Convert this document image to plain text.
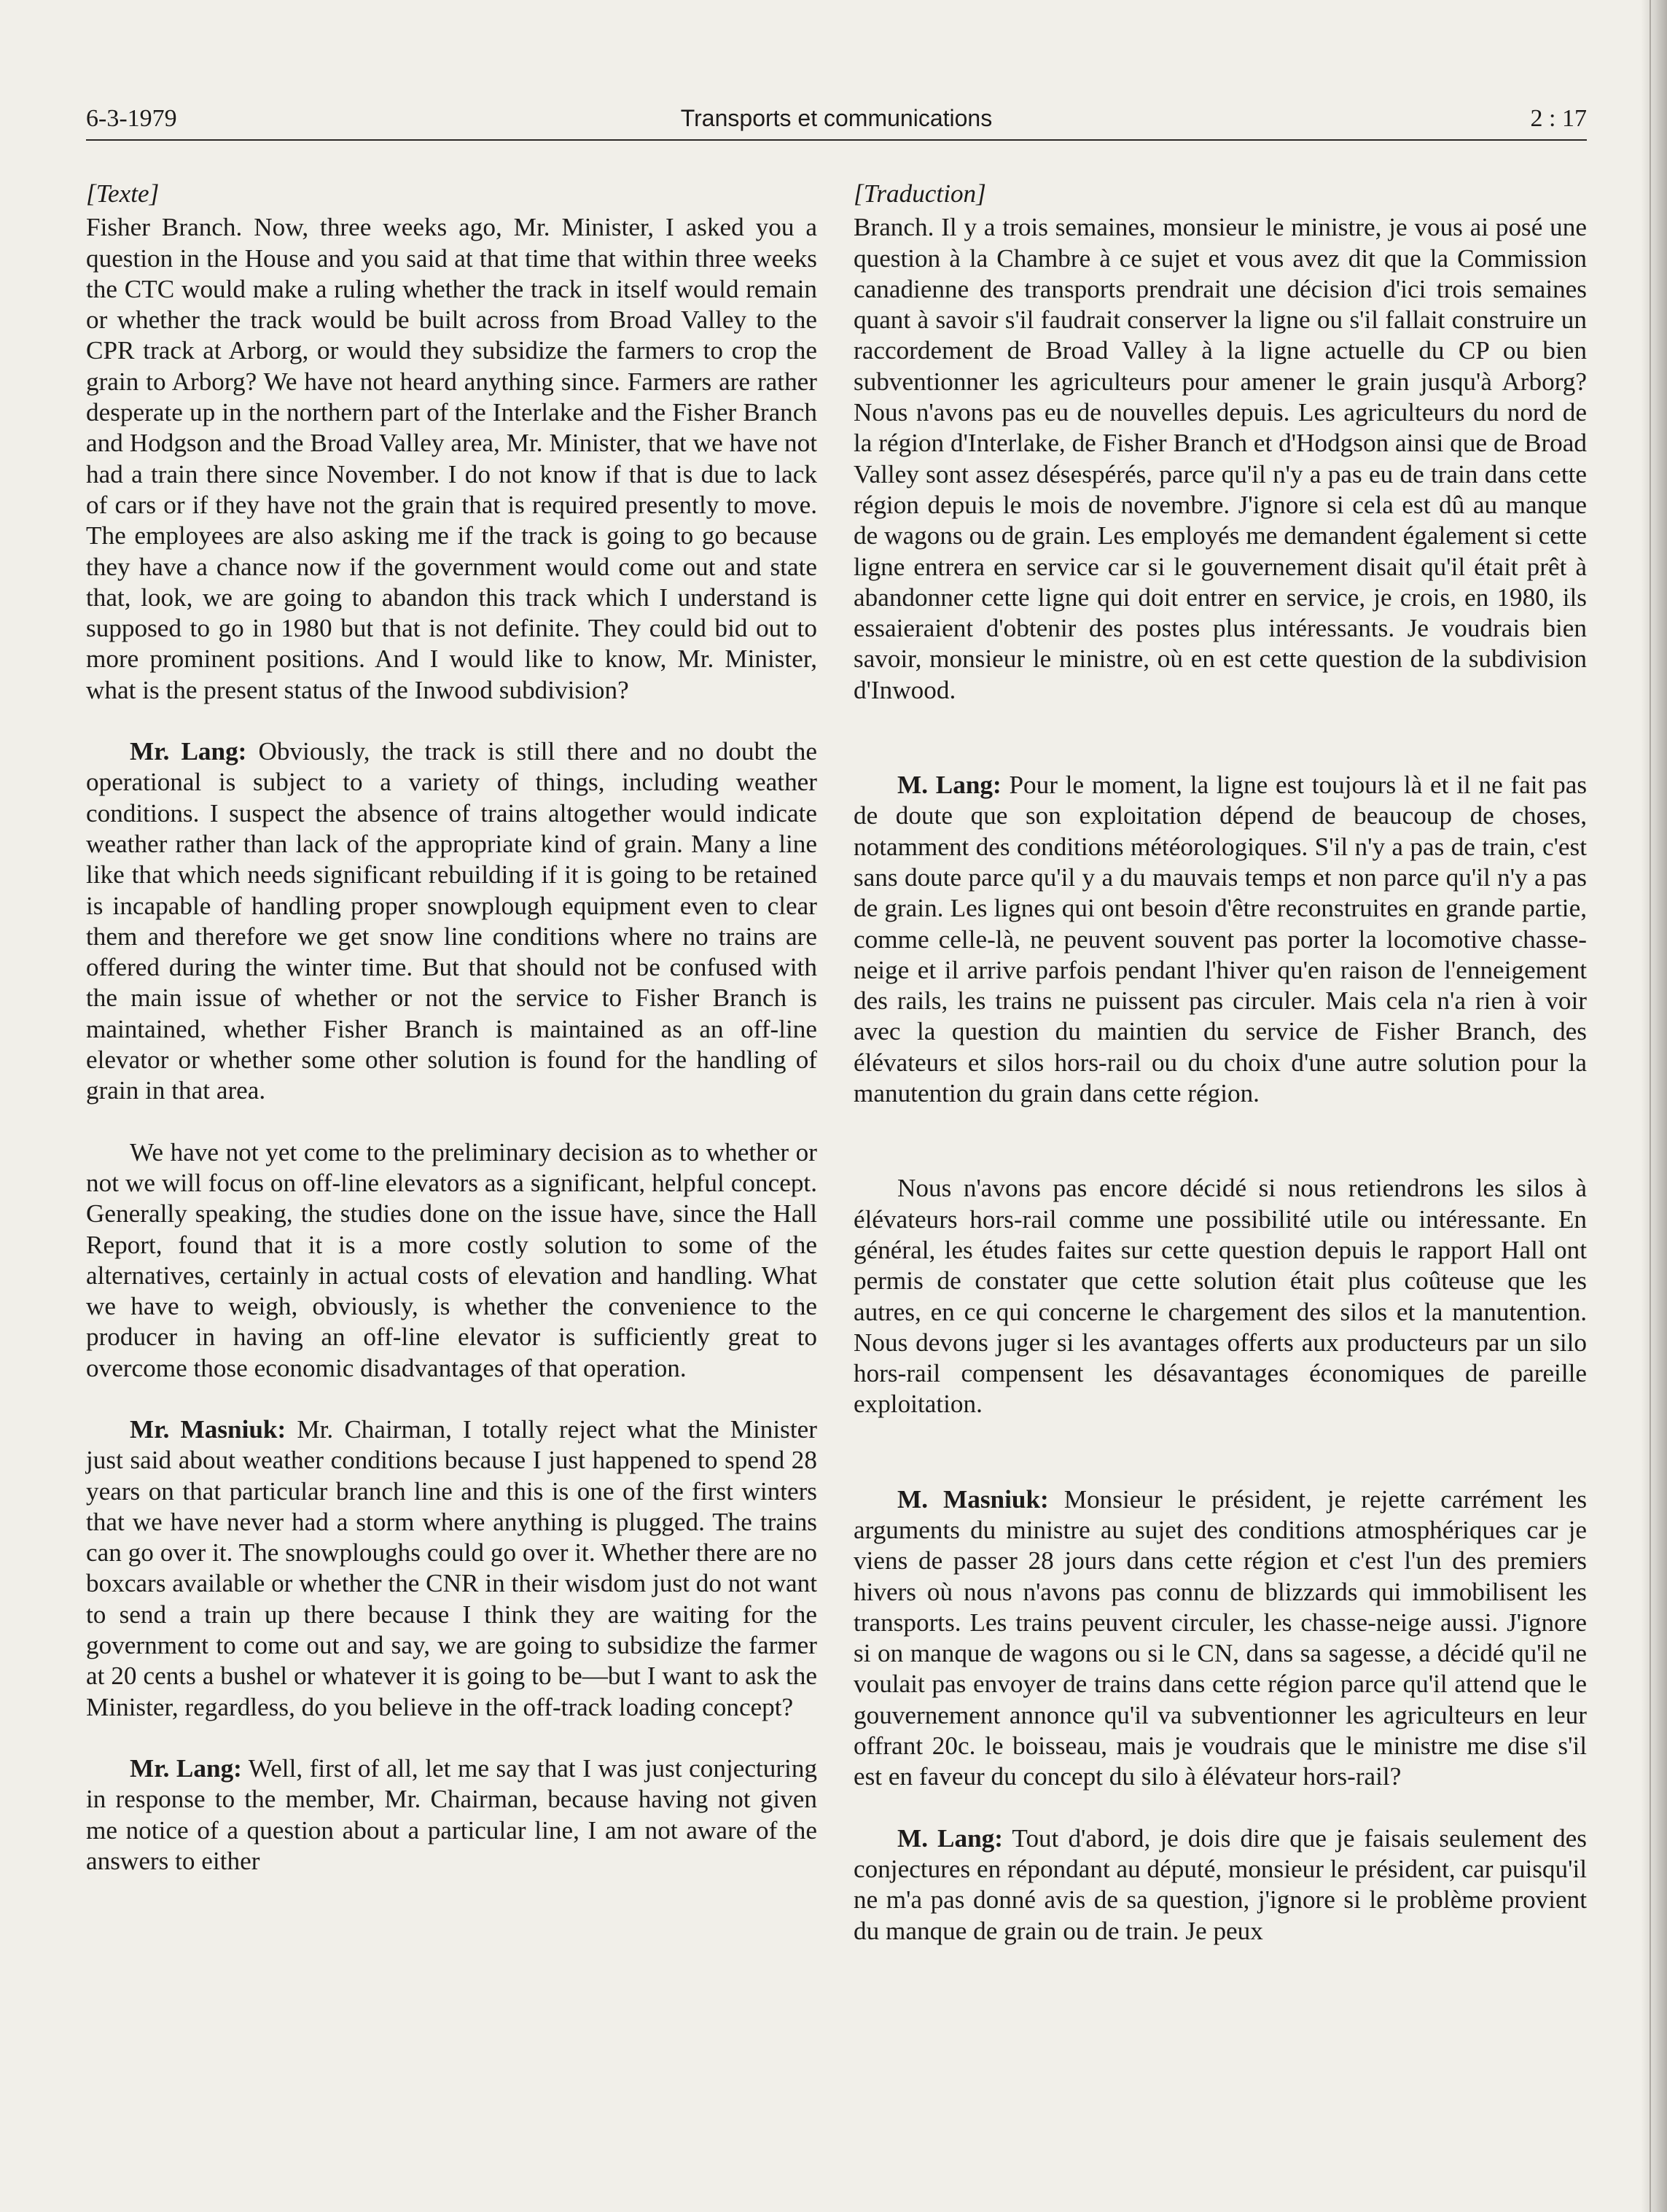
6-3-1979	Transports et communications	2 : 17

[Texte]

Fisher Branch. Now, three weeks ago, Mr. Minister, I asked you a question in the House and you said at that time that within three weeks the CTC would make a ruling whether the track in itself would remain or whether the track would be built across from Broad Valley to the CPR track at Arborg, or would they subsidize the farmers to crop the grain to Arborg? We have not heard anything since. Farmers are rather desperate up in the northern part of the Interlake and the Fisher Branch and Hodgson and the Broad Valley area, Mr. Minister, that we have not had a train there since November. I do not know if that is due to lack of cars or if they have not the grain that is required presently to move. The employees are also asking me if the track is going to go because they have a chance now if the government would come out and state that, look, we are going to abandon this track which I understand is supposed to go in 1980 but that is not definite. They could bid out to more prominent positions. And I would like to know, Mr. Minister, what is the present status of the Inwood subdivision?

Mr. Lang: Obviously, the track is still there and no doubt the operational is subject to a variety of things, including weather conditions. I suspect the absence of trains altogether would indicate weather rather than lack of the appropriate kind of grain. Many a line like that which needs significant rebuilding if it is going to be retained is incapable of handling proper snowplough equipment even to clear them and therefore we get snow line conditions where no trains are offered during the winter time. But that should not be confused with the main issue of whether or not the service to Fisher Branch is maintained, whether Fisher Branch is maintained as an off-line elevator or whether some other solution is found for the handling of grain in that area.

We have not yet come to the preliminary decision as to whether or not we will focus on off-line elevators as a significant, helpful concept. Generally speaking, the studies done on the issue have, since the Hall Report, found that it is a more costly solution to some of the alternatives, certainly in actual costs of elevation and handling. What we have to weigh, obviously, is whether the convenience to the producer in having an off-line elevator is sufficiently great to overcome those economic disadvantages of that operation.

Mr. Masniuk: Mr. Chairman, I totally reject what the Minister just said about weather conditions because I just happened to spend 28 years on that particular branch line and this is one of the first winters that we have never had a storm where anything is plugged. The trains can go over it. The snowploughs could go over it. Whether there are no boxcars available or whether the CNR in their wisdom just do not want to send a train up there because I think they are waiting for the government to come out and say, we are going to subsidize the farmer at 20 cents a bushel or whatever it is going to be—but I want to ask the Minister, regardless, do you believe in the off-track loading concept?

Mr. Lang: Well, first of all, let me say that I was just conjecturing in response to the member, Mr. Chairman, because having not given me notice of a question about a particular line, I am not aware of the answers to either

[Traduction]

Branch. Il y a trois semaines, monsieur le ministre, je vous ai posé une question à la Chambre à ce sujet et vous avez dit que la Commission canadienne des transports prendrait une décision d'ici trois semaines quant à savoir s'il faudrait conserver la ligne ou s'il fallait construire un raccordement de Broad Valley à la ligne actuelle du CP ou bien subventionner les agriculteurs pour amener le grain jusqu'à Arborg? Nous n'avons pas eu de nouvelles depuis. Les agriculteurs du nord de la région d'Interlake, de Fisher Branch et d'Hodgson ainsi que de Broad Valley sont assez désespérés, parce qu'il n'y a pas eu de train dans cette région depuis le mois de novembre. J'ignore si cela est dû au manque de wagons ou de grain. Les employés me demandent également si cette ligne entrera en service car si le gouvernement disait qu'il était prêt à abandonner cette ligne qui doit entrer en service, je crois, en 1980, ils essaieraient d'obtenir des postes plus intéressants. Je voudrais bien savoir, monsieur le ministre, où en est cette question de la subdivision d'Inwood.

M. Lang: Pour le moment, la ligne est toujours là et il ne fait pas de doute que son exploitation dépend de beaucoup de choses, notamment des conditions météorologiques. S'il n'y a pas de train, c'est sans doute parce qu'il y a du mauvais temps et non parce qu'il n'y a pas de grain. Les lignes qui ont besoin d'être reconstruites en grande partie, comme celle-là, ne peuvent souvent pas porter la locomotive chasse-neige et il arrive parfois pendant l'hiver qu'en raison de l'enneigement des rails, les trains ne puissent pas circuler. Mais cela n'a rien à voir avec la question du maintien du service de Fisher Branch, des élévateurs et silos hors-rail ou du choix d'une autre solution pour la manutention du grain dans cette région.

Nous n'avons pas encore décidé si nous retiendrons les silos à élévateurs hors-rail comme une possibilité utile ou intéressante. En général, les études faites sur cette question depuis le rapport Hall ont permis de constater que cette solution était plus coûteuse que les autres, en ce qui concerne le chargement des silos et la manutention. Nous devons juger si les avantages offerts aux producteurs par un silo hors-rail compensent les désavantages économiques de pareille exploitation.

M. Masniuk: Monsieur le président, je rejette carrément les arguments du ministre au sujet des conditions atmosphériques car je viens de passer 28 jours dans cette région et c'est l'un des premiers hivers où nous n'avons pas connu de blizzards qui immobilisent les transports. Les trains peuvent circuler, les chasse-neige aussi. J'ignore si on manque de wagons ou si le CN, dans sa sagesse, a décidé qu'il ne voulait pas envoyer de trains dans cette région parce qu'il attend que le gouvernement annonce qu'il va subventionner les agriculteurs en leur offrant 20c. le boisseau, mais je voudrais que le ministre me dise s'il est en faveur du concept du silo à élévateur hors-rail?

M. Lang: Tout d'abord, je dois dire que je faisais seulement des conjectures en répondant au député, monsieur le président, car puisqu'il ne m'a pas donné avis de sa question, j'ignore si le problème provient du manque de grain ou de train. Je peux
